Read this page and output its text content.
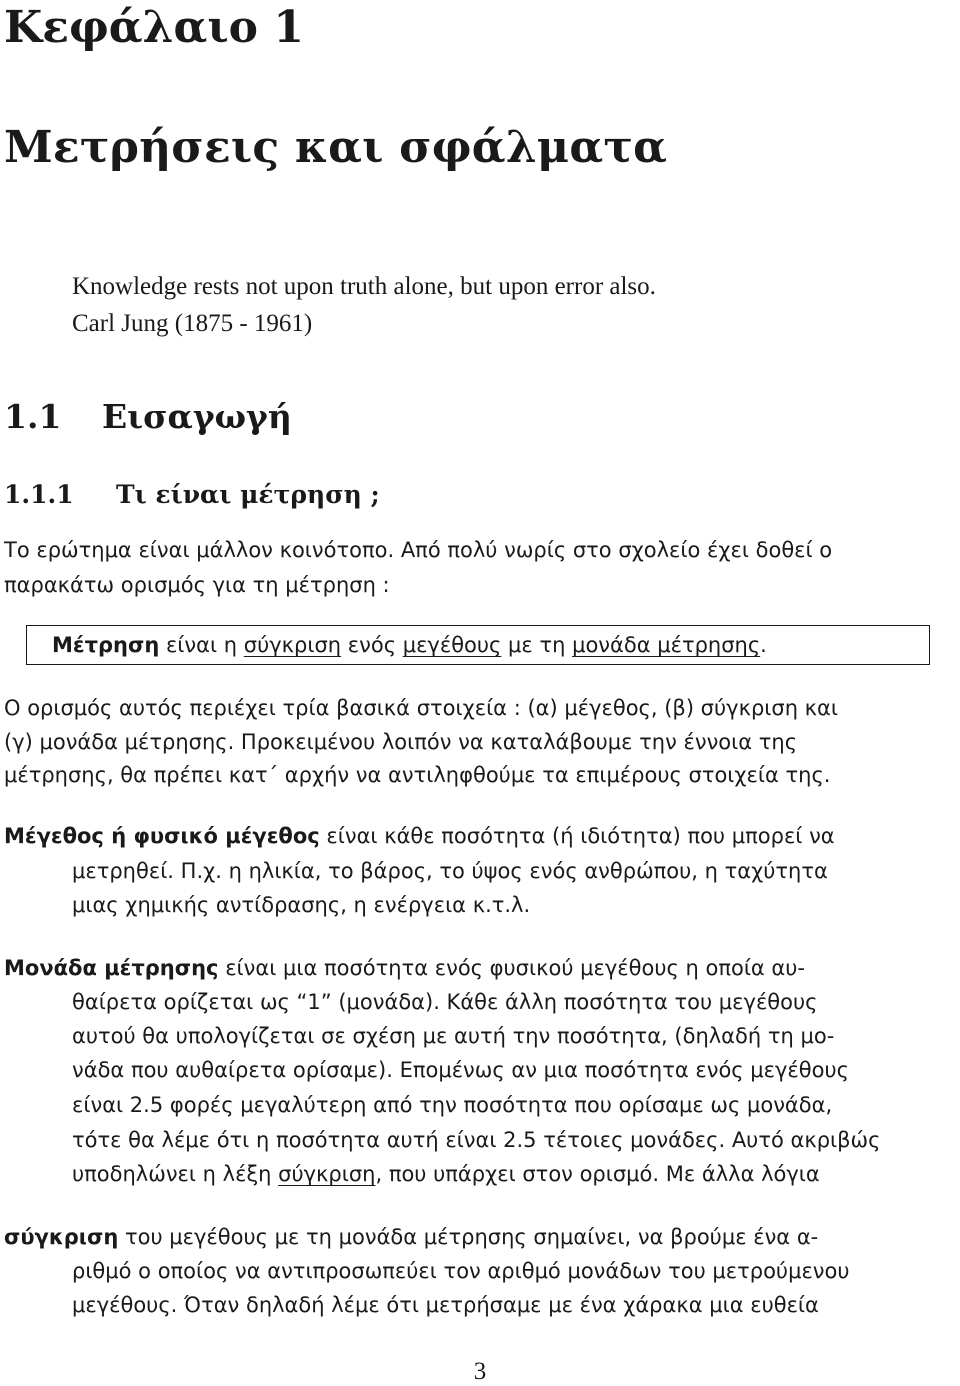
Κεφάλαιο 1
Μετρήσεις και σφάλματα
Knowledge rests not upon truth alone, but upon error also.
Carl Jung (1875 - 1961)
1.1 Εισαγωγή
1.1.1 Τι είναι μέτρηση ;
Το ερώτημα είναι μάλλον κοινότοπο. Από πολύ νωρίς στο σχολείο έχει δοθεί ο
παρακάτω ορισμός για τη μέτρηση :
Μέτρηση είναι η σύγκριση ενός μεγέθους με τη μονάδα μέτρησης.
Ο ορισμός αυτός περιέχει τρία βασικά στοιχεία : (α) μέγεθος, (β) σύγκριση και
(γ) μονάδα μέτρησης. Προκειμένου λοιπόν να καταλάβουμε την έννοια της
μέτρησης, θα πρέπει κατ΄ αρχήν να αντιληφθούμε τα επιμέρους στοιχεία της.
Μέγεθος ή φυσικό μέγεθος είναι κάθε ποσότητα (ή ιδιότητα) που μπορεί να
μετρηθεί. Π.χ. η ηλικία, το βάρος, το ύψος ενός ανθρώπου, η ταχύτητα
μιας χημικής αντίδρασης, η ενέργεια κ.τ.λ.
Μονάδα μέτρησης είναι μια ποσότητα ενός φυσικού μεγέθους η οποία αυ-
θαίρετα ορίζεται ως “1” (μονάδα). Κάθε άλλη ποσότητα του μεγέθους
αυτού θα υπολογίζεται σε σχέση με αυτή την ποσότητα, (δηλαδή τη μο-
νάδα που αυθαίρετα ορίσαμε). Επομένως αν μια ποσότητα ενός μεγέθους
είναι 2.5 φορές μεγαλύτερη από την ποσότητα που ορίσαμε ως μονάδα,
τότε θα λέμε ότι η ποσότητα αυτή είναι 2.5 τέτοιες μονάδες. Αυτό ακριβώς
υποδηλώνει η λέξη σύγκριση, που υπάρχει στον ορισμό. Με άλλα λόγια
σύγκριση του μεγέθους με τη μονάδα μέτρησης σημαίνει, να βρούμε ένα α-
ριθμό ο οποίος να αντιπροσωπεύει τον αριθμό μονάδων του μετρούμενου
μεγέθους. Όταν δηλαδή λέμε ότι μετρήσαμε με ένα χάρακα μια ευθεία
3
